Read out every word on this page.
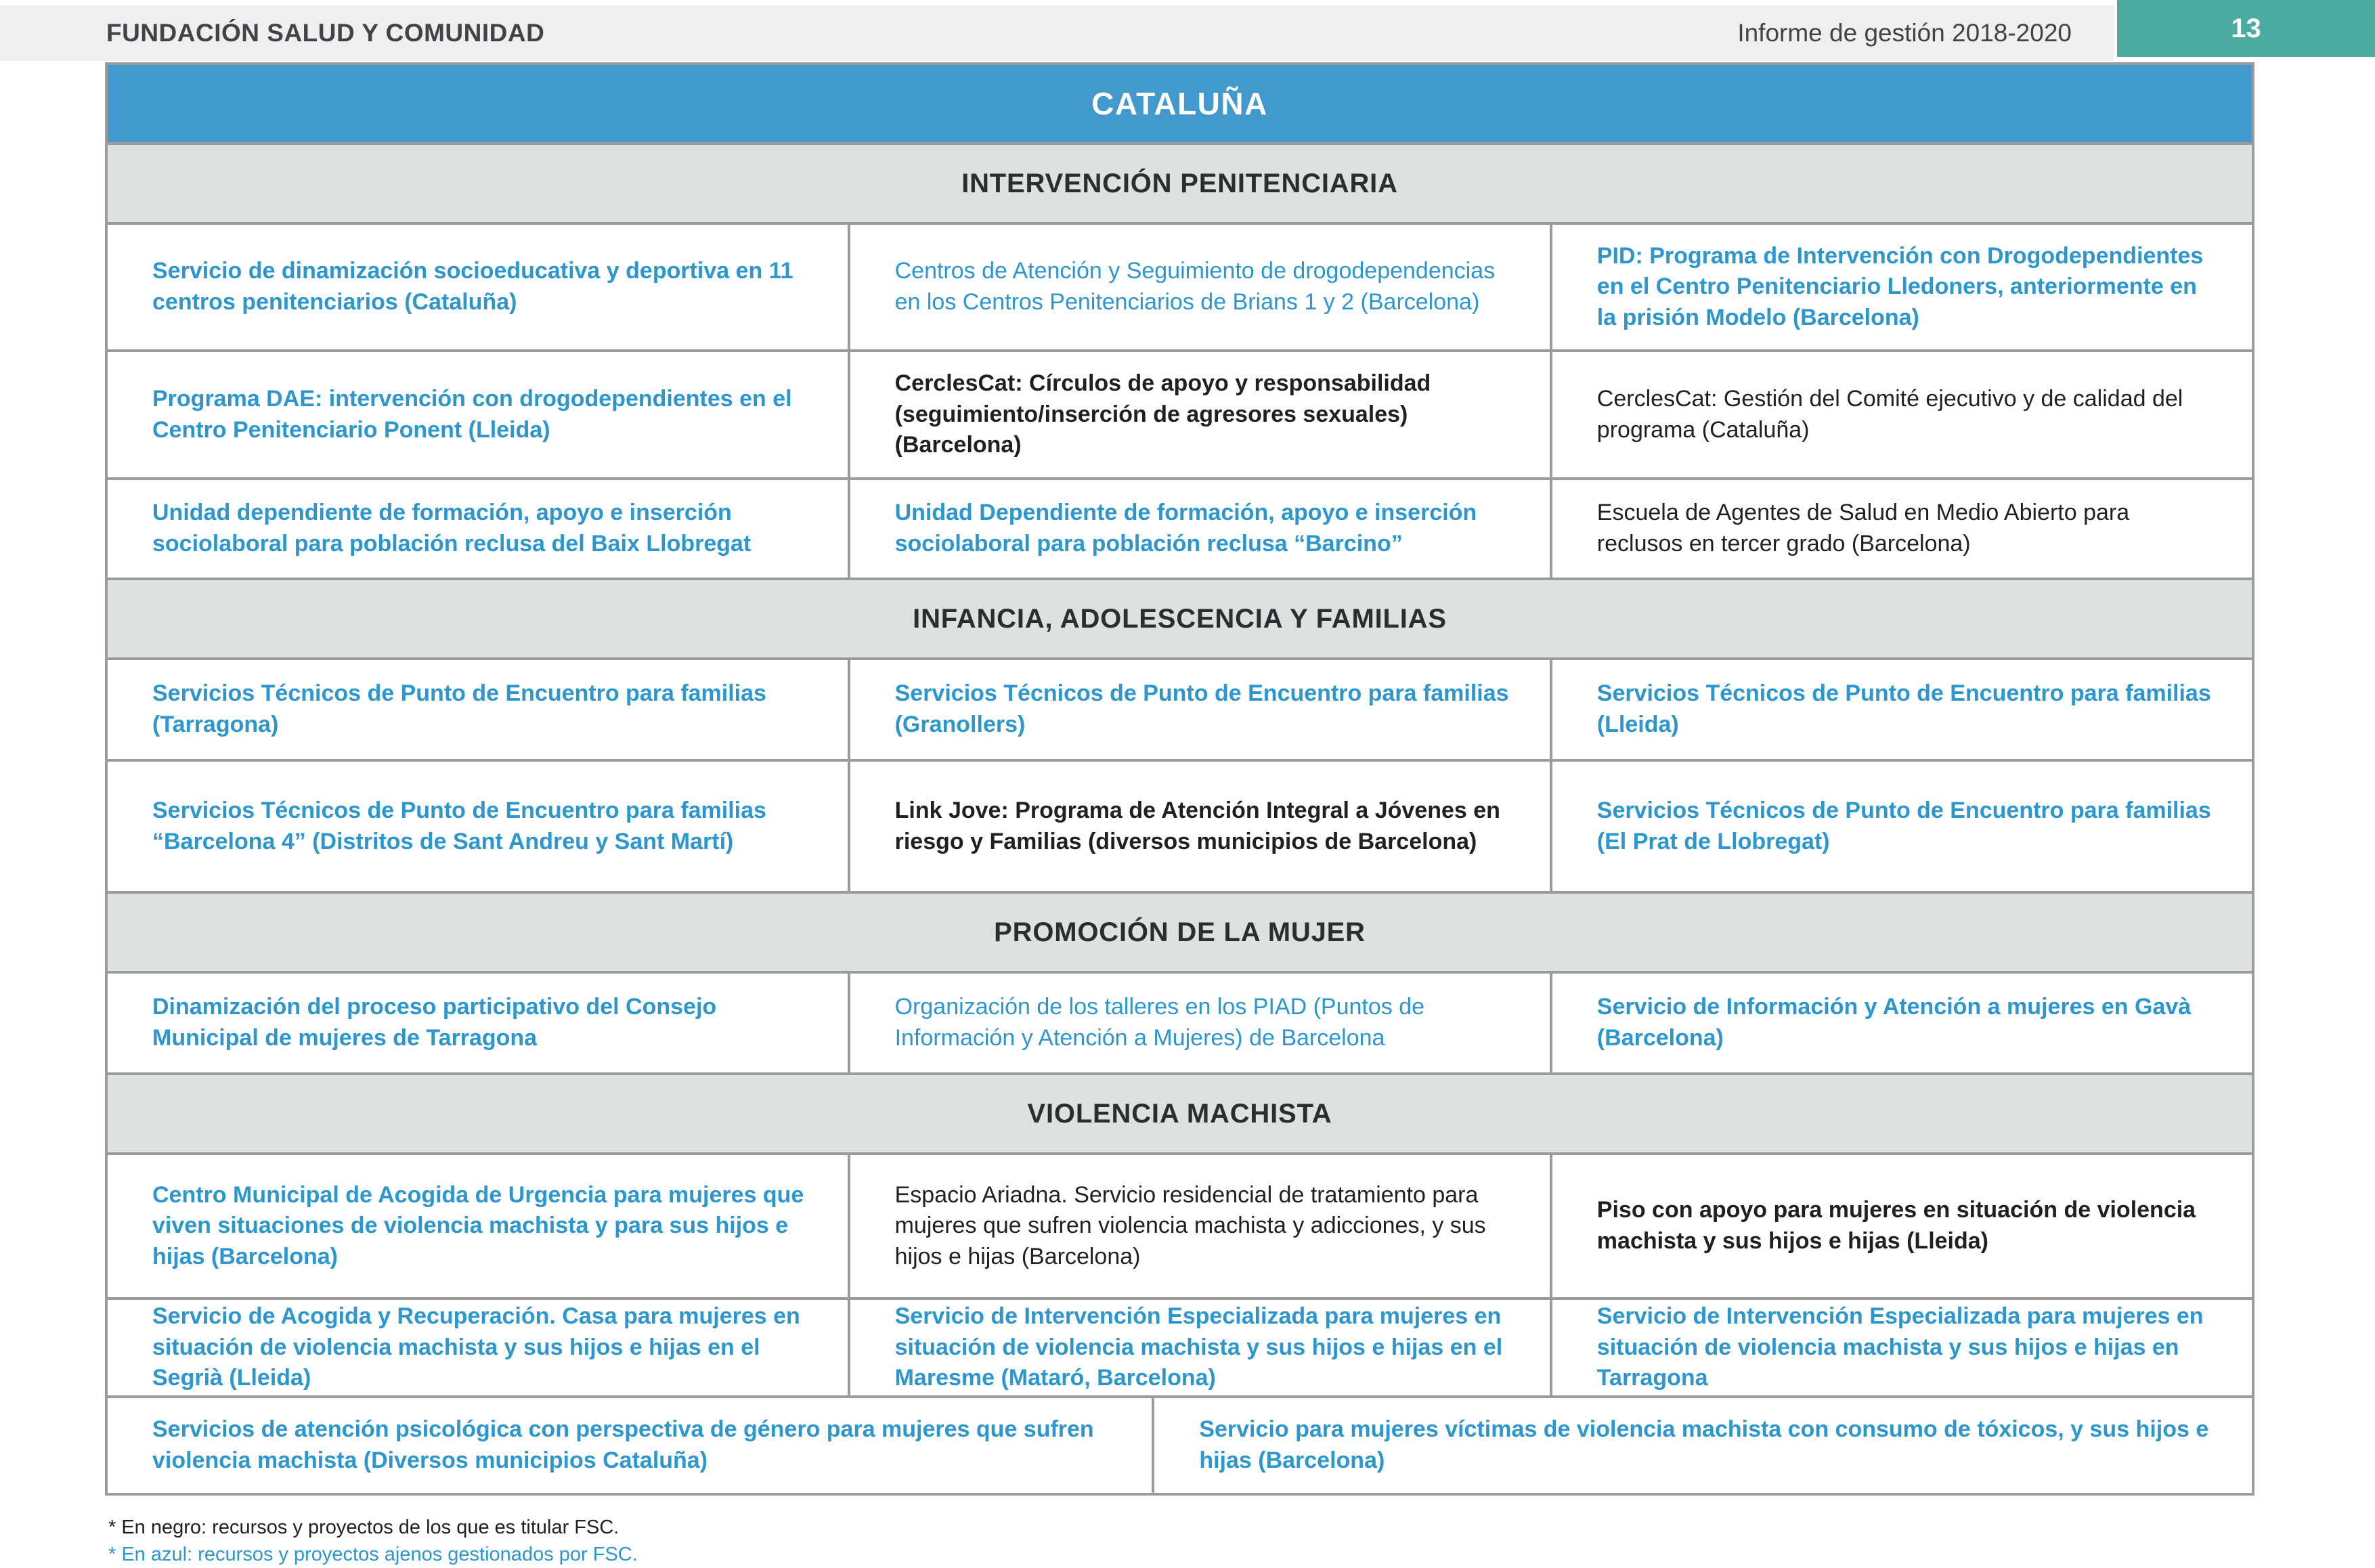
FUNDACIÓN SALUD Y COMUNIDAD	Informe de gestión 2018-2020	13
CATALUÑA
INTERVENCIÓN PENITENCIARIA
Servicio de dinamización socioeducativa y deportiva en 11 centros penitenciarios (Cataluña)
Centros de Atención y Seguimiento de drogodependencias en los Centros Penitenciarios de Brians 1 y 2 (Barcelona)
PID: Programa de Intervención con Drogodependientes en el Centro Penitenciario Lledoners, anteriormente en la prisión Modelo (Barcelona)
Programa DAE: intervención con drogodependientes en el Centro Penitenciario Ponent (Lleida)
CerclesCat: Círculos de apoyo y responsabilidad (seguimiento/inserción de agresores sexuales) (Barcelona)
CerclesCat: Gestión del Comité ejecutivo y de calidad del programa (Cataluña)
Unidad dependiente de formación, apoyo e inserción sociolaboral para población reclusa del Baix Llobregat
Unidad Dependiente de formación, apoyo e inserción sociolaboral para población reclusa “Barcino”
Escuela de Agentes de Salud en Medio Abierto para reclusos en tercer grado (Barcelona)
INFANCIA, ADOLESCENCIA Y FAMILIAS
Servicios Técnicos de Punto de Encuentro para familias (Tarragona)
Servicios Técnicos de Punto de Encuentro para familias (Granollers)
Servicios Técnicos de Punto de Encuentro para familias (Lleida)
Servicios Técnicos de Punto de Encuentro para familias “Barcelona 4” (Distritos de Sant Andreu y Sant Martí)
Link Jove: Programa de Atención Integral a Jóvenes en riesgo y Familias (diversos municipios de Barcelona)
Servicios Técnicos de Punto de Encuentro para familias (El Prat de Llobregat)
PROMOCIÓN DE LA MUJER
Dinamización del proceso participativo del Consejo Municipal de mujeres de Tarragona
Organización de los talleres en los PIAD (Puntos de Información y Atención a Mujeres) de Barcelona
Servicio de Información y Atención a mujeres en Gavà (Barcelona)
VIOLENCIA MACHISTA
Centro Municipal de Acogida de Urgencia para mujeres que viven situaciones de violencia machista y para sus hijos e hijas (Barcelona)
Espacio Ariadna. Servicio residencial de tratamiento para mujeres que sufren violencia machista y adicciones, y sus hijos e hijas (Barcelona)
Piso con apoyo para mujeres en situación de violencia machista y sus hijos e hijas (Lleida)
Servicio de Acogida y Recuperación. Casa para mujeres en situación de violencia machista y sus hijos e hijas en el Segrià (Lleida)
Servicio de Intervención Especializada para mujeres en situación de violencia machista y sus hijos e hijas en el Maresme (Mataró, Barcelona)
Servicio de Intervención Especializada para mujeres en situación de violencia machista y sus hijos e hijas en Tarragona
Servicios de atención psicológica con perspectiva de género para mujeres que sufren violencia machista (Diversos municipios Cataluña)
Servicio para mujeres víctimas de violencia machista con consumo de tóxicos, y sus hijos e hijas (Barcelona)
* En negro: recursos y proyectos de los que es titular FSC.
* En azul: recursos y proyectos ajenos gestionados por FSC.
